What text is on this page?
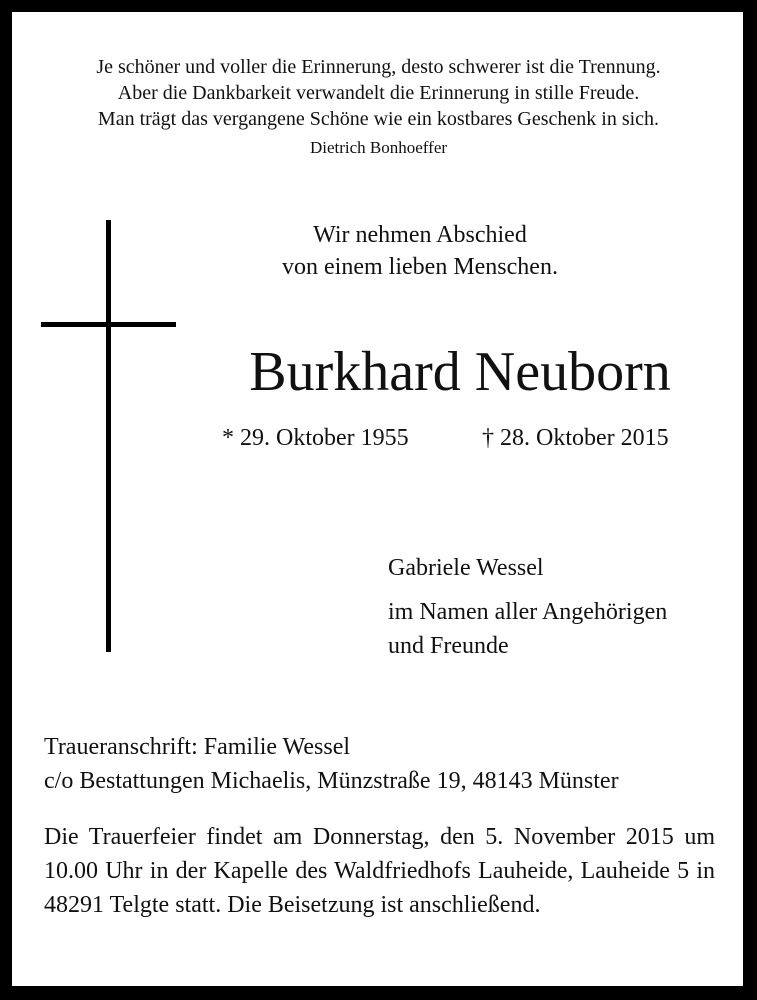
Je schöner und voller die Erinnerung, desto schwerer ist die Trennung.
Aber die Dankbarkeit verwandelt die Erinnerung in stille Freude.
Man trägt das vergangene Schöne wie ein kostbares Geschenk in sich.
Dietrich Bonhoeffer
Wir nehmen Abschied
von einem lieben Menschen.
Burkhard Neuborn
* 29. Oktober 1955	† 28. Oktober 2015
Gabriele Wessel
im Namen aller Angehörigen
und Freunde
Traueranschrift: Familie Wessel
c/o Bestattungen Michaelis, Münzstraße 19, 48143 Münster
Die Trauerfeier findet am Donnerstag, den 5. November 2015 um 10.00 Uhr in der Kapelle des Waldfriedhofs Lauheide, Lauheide 5 in 48291 Telgte statt. Die Beisetzung ist anschließend.
